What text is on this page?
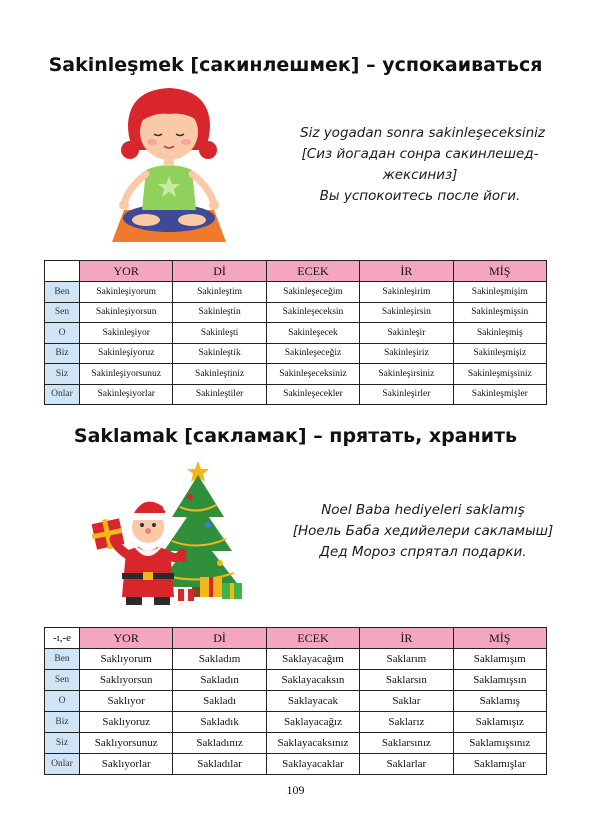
Sakinleşmek [сакинлешмек] – успокаиваться
Siz yogadan sonra sakinleşeceksiniz
[Сиз йогадан сонра сакинлешед-
жексиниз]
Вы успокоитесь после йоги.
	YOR	Dİ	ECEK	İR	MİŞ
Ben	Sakinleşiyorum	Sakinleştim	Sakinleşeceğim	Sakinleşirim	Sakinleşmişim
Sen	Sakinleşiyorsun	Sakinleştin	Sakinleşeceksin	Sakinleşirsin	Sakinleşmişsin
O	Sakinleşiyor	Sakinleşti	Sakinleşecek	Sakinleşir	Sakinleşmiş
Biz	Sakinleşiyoruz	Sakinleştik	Sakinleşeceğiz	Sakinleşiriz	Sakinleşmişiz
Siz	Sakinleşiyorsunuz	Sakinleştiniz	Sakinleşeceksiniz	Sakinleşirsiniz	Sakinleşmişsiniz
Onlar	Sakinleşiyorlar	Sakinleştiler	Sakinleşecekler	Sakinleşirler	Sakinleşmişler
Saklamak [сакламак] – прятать, хранить
Noel Baba hediyeleri saklamış
[Ноель Баба хедийелери сакламыш]
Дед Мороз спрятал подарки.
-ı,-e	YOR	Dİ	ECEK	İR	MİŞ
Ben	Saklıyorum	Sakladım	Saklayacağım	Saklarım	Saklamışım
Sen	Saklıyorsun	Sakladın	Saklayacaksın	Saklarsın	Saklamışsın
O	Saklıyor	Sakladı	Saklayacak	Saklar	Saklamış
Biz	Saklıyoruz	Sakladık	Saklayacağız	Saklarız	Saklamışız
Siz	Saklıyorsunuz	Sakladınız	Saklayacaksınız	Saklarsınız	Saklamışsınız
Onlar	Saklıyorlar	Sakladılar	Saklayacaklar	Saklarlar	Saklamışlar
109
